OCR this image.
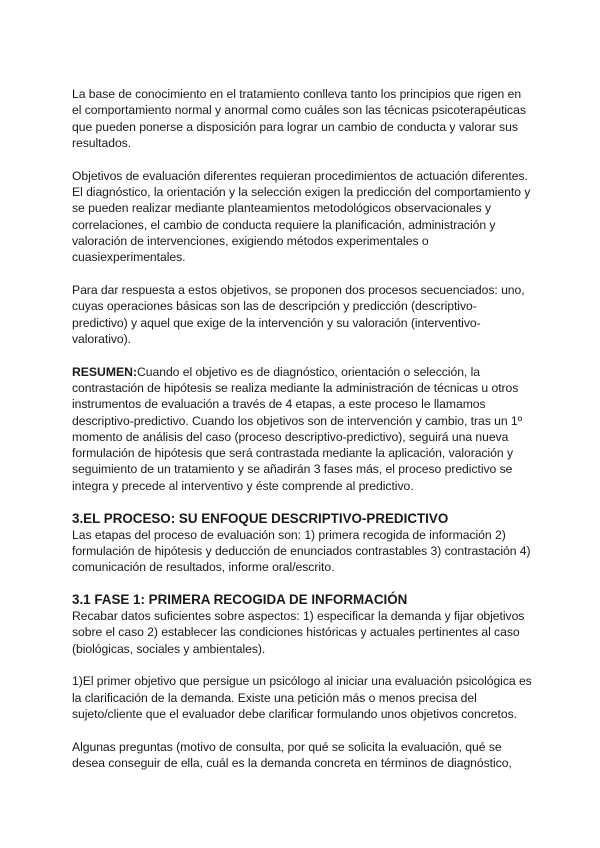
La base de conocimiento en el tratamiento conlleva tanto los principios que rigen en el comportamiento normal y anormal como cuáles son las técnicas psicoterapéuticas que pueden ponerse a disposición para lograr un cambio de conducta y valorar sus resultados.

Objetivos de evaluación diferentes requieran procedimientos de actuación diferentes. El diagnóstico, la orientación y la selección exigen la predicción del comportamiento y se pueden realizar mediante planteamientos metodológicos observacionales y correlaciones, el cambio de conducta requiere la planificación, administración y valoración de intervenciones, exigiendo métodos experimentales o cuasiexperimentales.

Para dar respuesta a estos objetivos, se proponen dos procesos secuenciados: uno, cuyas operaciones básicas son las de descripción y predicción (descriptivo-predictivo) y aquel que exige de la intervención y su valoración (interventivo-valorativo).

RESUMEN:Cuando el objetivo es de diagnóstico, orientación o selección, la contrastación de hipótesis se realiza mediante la administración de técnicas u otros instrumentos de evaluación a través de 4 etapas, a este proceso le llamamos descriptivo-predictivo. Cuando los objetivos son de intervención y cambio, tras un 1º momento de análisis del caso (proceso descriptivo-predictivo), seguirá una nueva formulación de hipótesis que será contrastada mediante la aplicación, valoración y seguimiento de un tratamiento y se añadirán 3 fases más, el proceso predictivo se integra y precede al interventivo y éste comprende al predictivo.

3.EL PROCESO: SU ENFOQUE DESCRIPTIVO-PREDICTIVO

Las etapas del proceso de evaluación son: 1) primera recogida de información 2) formulación de hipótesis y deducción de enunciados contrastables 3) contrastación 4) comunicación de resultados, informe oral/escrito.

3.1 FASE 1: PRIMERA RECOGIDA DE INFORMACIÓN

Recabar datos suficientes sobre aspectos: 1) especificar la demanda y fijar objetivos sobre el caso 2) establecer las condiciones históricas y actuales pertinentes al caso (biológicas, sociales y ambientales).

1)El primer objetivo que persigue un psicólogo al iniciar una evaluación psicológica es la clarificación de la demanda. Existe una petición más o menos precisa del sujeto/cliente que el evaluador debe clarificar formulando unos objetivos concretos.

Algunas preguntas (motivo de consulta, por qué se solicita la evaluación, qué se desea conseguir de ella, cuál es la demanda concreta en términos de diagnóstico,
